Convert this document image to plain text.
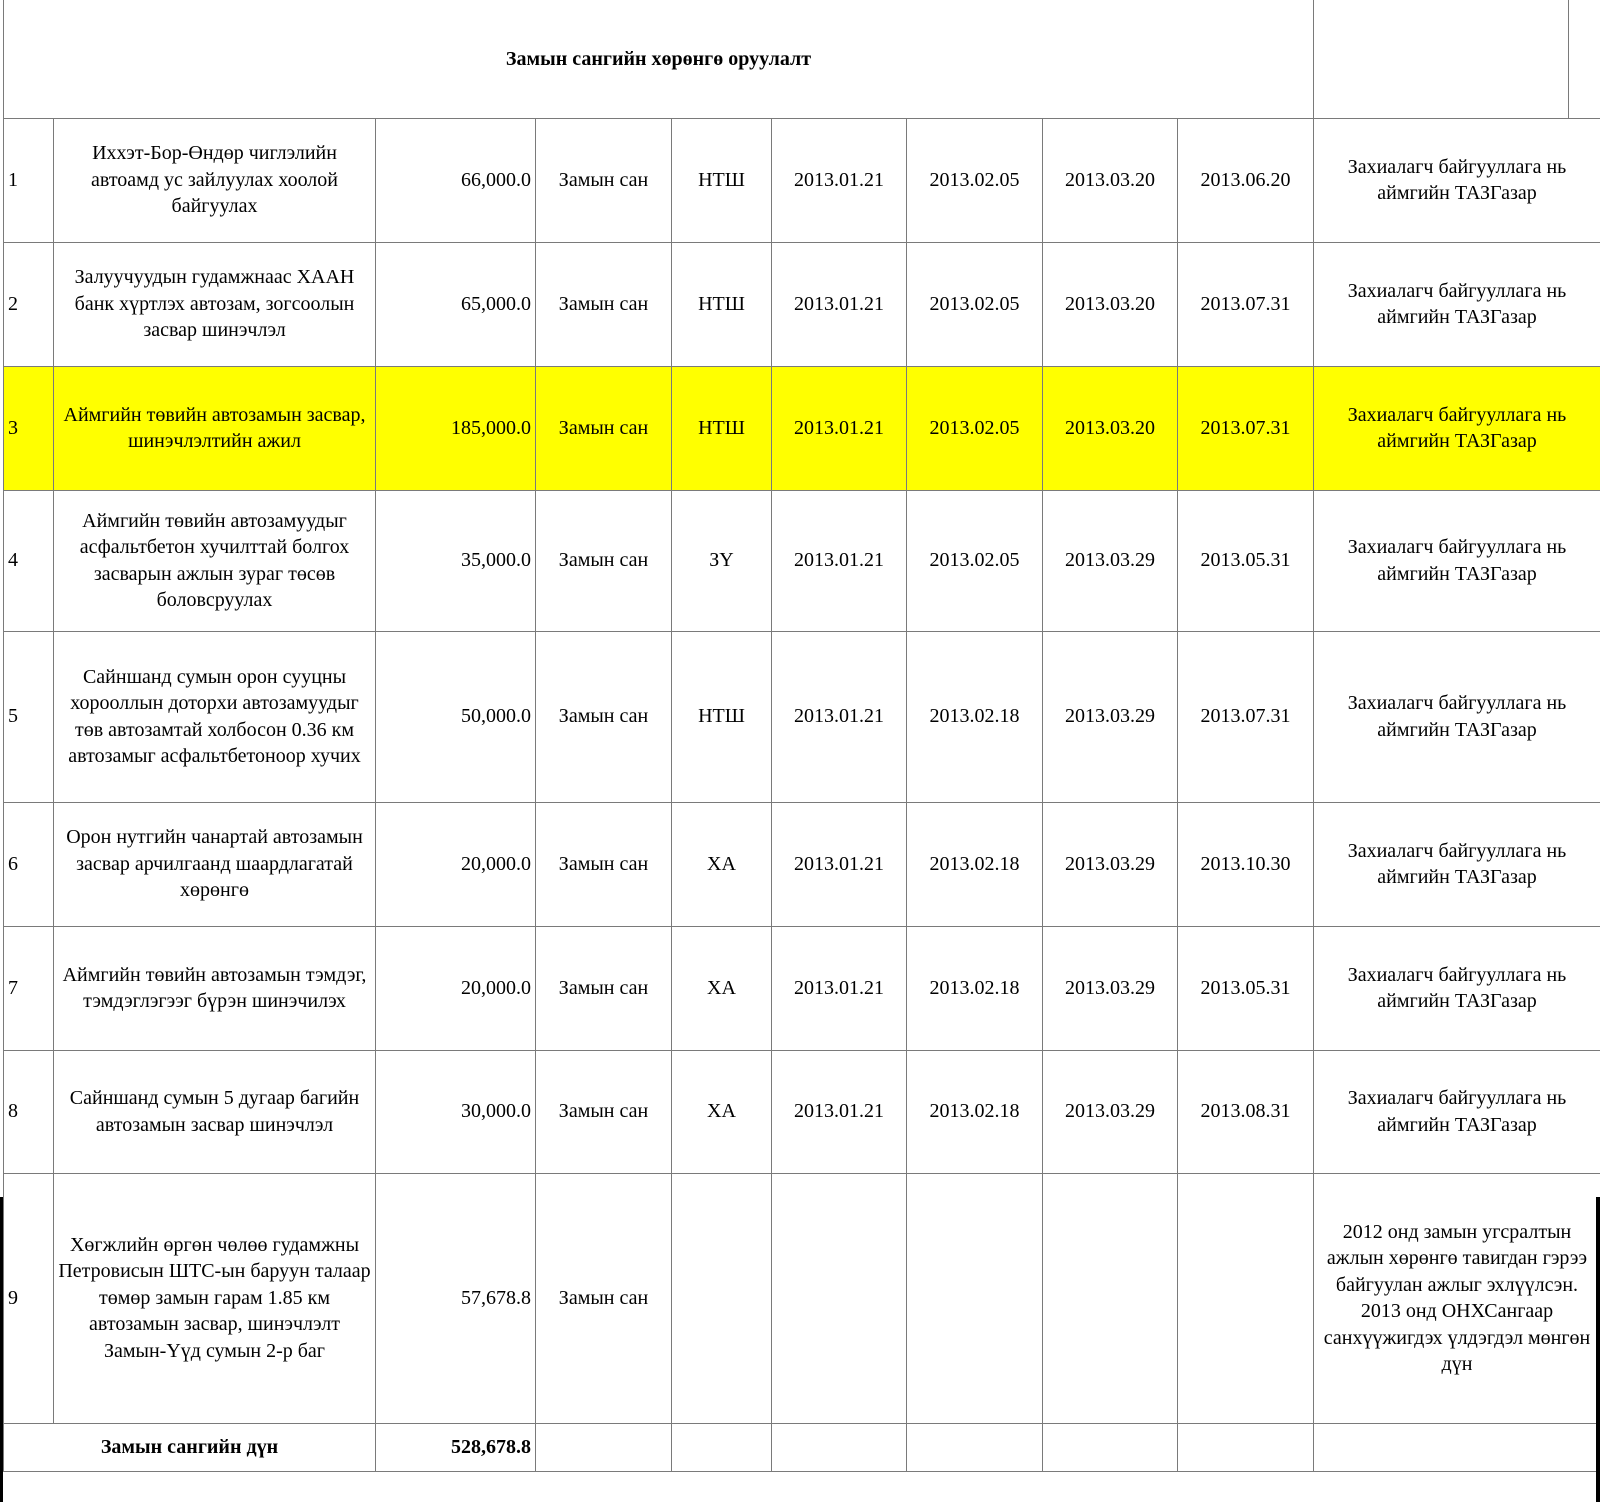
Замын сангийн хөрөнгө оруулалт										
1	Иххэт-Бор-Өндөр чиглэлийн автоамд ус зайлуулах хоолой байгуулах	66,000.0	Замын сан	НТШ	2013.01.21	2013.02.05	2013.03.20	2013.06.20	Захиалагч байгууллага нь аймгийн ТАЗГазар	
2	Залуучуудын гудамжнаас ХААН банк хүртлэх автозам, зогсоолын засвар шинэчлэл	65,000.0	Замын сан	НТШ	2013.01.21	2013.02.05	2013.03.20	2013.07.31	Захиалагч байгууллага нь аймгийн ТАЗГазар	
3	Аймгийн төвийн автозамын засвар, шинэчлэлтийн ажил	185,000.0	Замын сан	НТШ	2013.01.21	2013.02.05	2013.03.20	2013.07.31	Захиалагч байгууллага нь аймгийн ТАЗГазар	
4	Аймгийн төвийн автозамуудыг асфальтбетон хучилттай болгох засварын ажлын зураг төсөв боловсруулах	35,000.0	Замын сан	ЗҮ	2013.01.21	2013.02.05	2013.03.29	2013.05.31	Захиалагч байгууллага нь аймгийн ТАЗГазар	
5	Сайншанд сумын орон сууцны хорооллын доторхи автозамуудыг төв автозамтай холбосон 0.36 км автозамыг асфальтбетоноор хучих	50,000.0	Замын сан	НТШ	2013.01.21	2013.02.18	2013.03.29	2013.07.31	Захиалагч байгууллага нь аймгийн ТАЗГазар	
6	Орон нутгийн чанартай автозамын засвар арчилгаанд шаардлагатай хөрөнгө	20,000.0	Замын сан	ХА	2013.01.21	2013.02.18	2013.03.29	2013.10.30	Захиалагч байгууллага нь аймгийн ТАЗГазар	
7	Аймгийн төвийн автозамын тэмдэг, тэмдэглэгээг бүрэн шинэчилэх	20,000.0	Замын сан	ХА	2013.01.21	2013.02.18	2013.03.29	2013.05.31	Захиалагч байгууллага нь аймгийн ТАЗГазар	
8	Сайншанд сумын 5 дугаар багийн автозамын засвар шинэчлэл	30,000.0	Замын сан	ХА	2013.01.21	2013.02.18	2013.03.29	2013.08.31	Захиалагч байгууллага нь аймгийн ТАЗГазар	
9	Хөгжлийн өргөн чөлөө гудамжны Петровисын ШТС-ын баруун талаар төмөр замын гарам 1.85 км автозамын засвар, шинэчлэлт Замын-Үүд сумын 2-р баг	57,678.8	Замын сан						2012 онд замын угсралтын ажлын хөрөнгө тавигдан гэрээ байгуулан ажлыг эхлүүлсэн. 2013 онд ОНХСангаар санхүүжигдэх үлдэгдэл мөнгөн дүн	
Замын сангийн дүн		528,678.8								
